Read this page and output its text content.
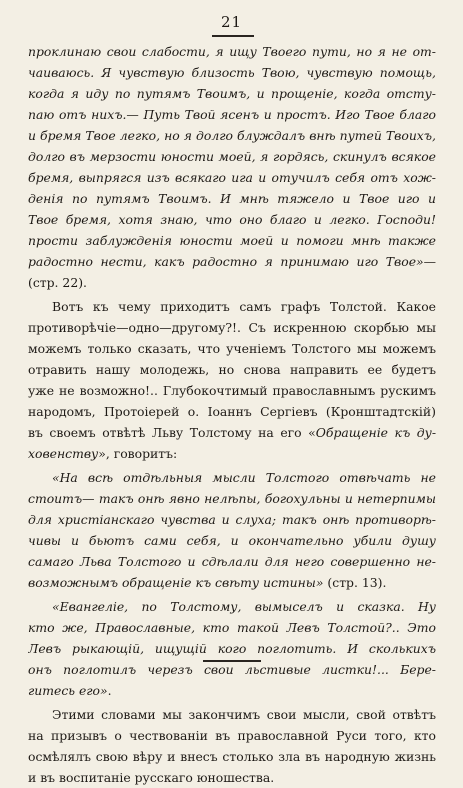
21
проклинаю свои слабости, я ищу Твоего пути, но я не от-
чаиваюсь. Я чувствую близость Твою, чувствую помощь,
когда я иду по путямъ Твоимъ, и прощеніе, когда отсту-
паю отъ нихъ.— Путь Твой ясенъ и простъ. Иго Твое благо
и бремя Твое легко, но я долго блуждалъ внѣ путей Твоихъ,
долго въ мерзости юности моей, я гордясь, скинулъ всякое
бремя, выпрягся изъ всякаго ига и отучилъ себя отъ хож-
денія по путямъ Твоимъ. И мнѣ тяжело и Твое иго и
Твое бремя, хотя знаю, что оно благо и легко. Господи!
прости заблужденія юности моей и помоги мнѣ также
радостно нести, какъ радостно я принимаю иго Твое»—
(стр. 22).
Вотъ къ чему приходитъ самъ графъ Толстой. Какое
противорѣчіе—одно—другому?!. Съ искренною скорбью мы
можемъ только сказать, что ученіемъ Толстого мы можемъ
отравить нашу молодежь, но снова направить ее будетъ
уже не возможно!.. Глубокочтимый православнымъ рускимъ
народомъ, Протоіерей о. Іоаннъ Сергіевъ (Кронштадтскій)
въ своемъ отвѣтѣ Льву Толстому на его «Обращеніе къ ду-
ховенству», говоритъ:
«На всѣ отдѣльныя мысли Толстого отвѣчать не
стоитъ— такъ онѣ явно нелѣпы, богохульны и нетерпимы
для христіанскаго чувства и слуха; такъ онѣ противорѣ-
чивы и бьютъ сами себя, и окончательно убили душу
самаго Льва Толстого и сдѣлали для него совершенно не-
возможнымъ обращеніе къ свѣту истины» (стр. 13).
«Евангеліе, по Толстому, вымыселъ и сказка. Ну
кто же, Православные, кто такой Левъ Толстой?.. Это
Левъ рыкающій, ищущій кого поглотить. И сколькихъ
онъ поглотилъ черезъ свои льстивые листки!... Берe-
гитесь его».
Этими словами мы закончимъ свои мысли, свой отвѣтъ
на призывъ о чествованіи въ православной Руси того, кто
осмѣлялъ свою вѣру и внесъ столько зла въ народную жизнь
и въ воспитаніе русскаго юношества.
